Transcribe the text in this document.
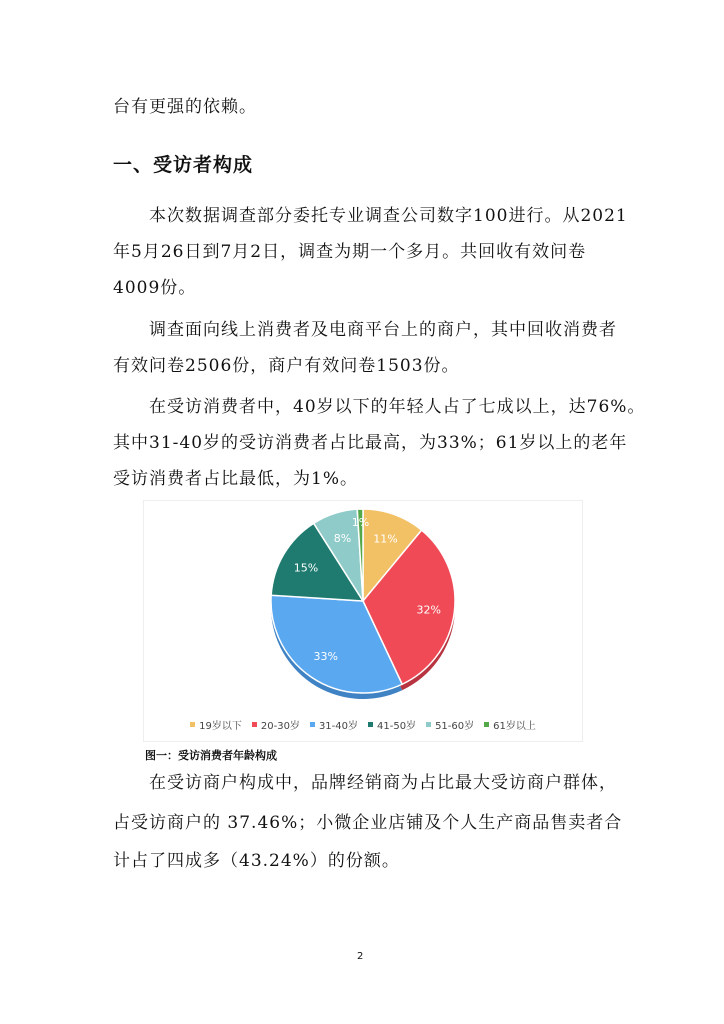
台有更强的依赖。
一、受访者构成
　　本次数据调查部分委托专业调查公司数字100进行。从2021
年5月26日到7月2日，调查为期一个多月。共回收有效问卷
4009份。
　　调查面向线上消费者及电商平台上的商户，其中回收消费者
有效问卷2506份，商户有效问卷1503份。
　　在受访消费者中，40岁以下的年轻人占了七成以上，达76%。
其中31-40岁的受访消费者占比最高，为33%；61岁以上的老年
受访消费者占比最低，为1%。
11%
32%
33%
15%
8%
1%
19岁以下 20-30岁 31-40岁 41-50岁 51-60岁 61岁以上
图一：受访消费者年龄构成
　　在受访商户构成中，品牌经销商为占比最大受访商户群体，
占受访商户的 37.46%；小微企业店铺及个人生产商品售卖者合
计占了四成多（43.24%）的份额。
2
